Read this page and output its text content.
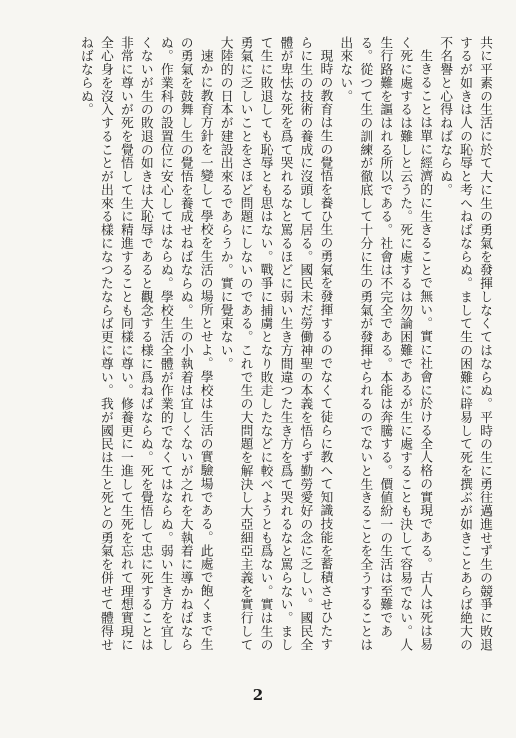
共に平素の生活に於て大に生の勇氣を發揮しなくてはならぬ。平時の生に勇往邁進せず生の競爭に敗退するが如きは人の恥辱と考へねばならぬ。まして生の困難に辟易して死を撰ぶが如きことあらば絶大の不名譽と心得ねばならぬ。

生きることは單に經濟的に生きることで無い。實に社會に於ける全人格の實現である。古人は死は易く死に處するは難しと云うた。死に處するは勿論困難であるが生に處することも決して容易でない。人生行路難を謳はれる所以である。社會は不完全である。本能は奔騰する。價値紛一の生活は至難である。從つて生の訓練が徹底して十分に生の勇氣が發揮せられるのでないと生きることを全うすることは出來ない。

現時の教育は生の覺悟を養ひ生の勇氣を發揮するのでなくて徒らに教へて知識技能を蓄積させひたすらに生の技術の養成に沒頭して居る。國民未だ勞働神聖の本義を悟らず勤勞愛好の念に乏しい。國民全體が卑怯な死を爲て哭れるなと罵るほどに弱い生き方間違つた生き方を爲て哭れるなと罵らない。まして生に敗退しても恥辱とも思はない。戰爭に捕虜となり敗走したなどに較べようとも爲ない。實は生の勇氣に乏しいことをさほど問題にしないのである。これで生の大問題を解決し大亞細亞主義を實行して大陸的の日本が建設出來るであらうか。實に覺束ない。

速かに教育方針を一變して學校を生活の場所とせよ。學校は生活の實驗場である。此處で飽くまで生の勇氣を鼓舞し生の覺悟を養成せねばならぬ。生の小執着は宜しくないが之れを大執着に導かねばならぬ。作業科の設置位に安心してはならぬ。學校生活全體が作業的でなくてはならぬ。弱い生き方を宜しくないが生の敗退の如きは大恥辱であると觀念する様に爲ねばならぬ。死を覺悟して忠に死することは非常に尊いが死を覺悟して生に精進することも同樣に尊い。修養更に一進して生死を忘れて理想實現に全心身を沒入することが出來る樣になつたならば更に尊い。我が國民は生と死との勇氣を併せて體得せねばならぬ。

2
